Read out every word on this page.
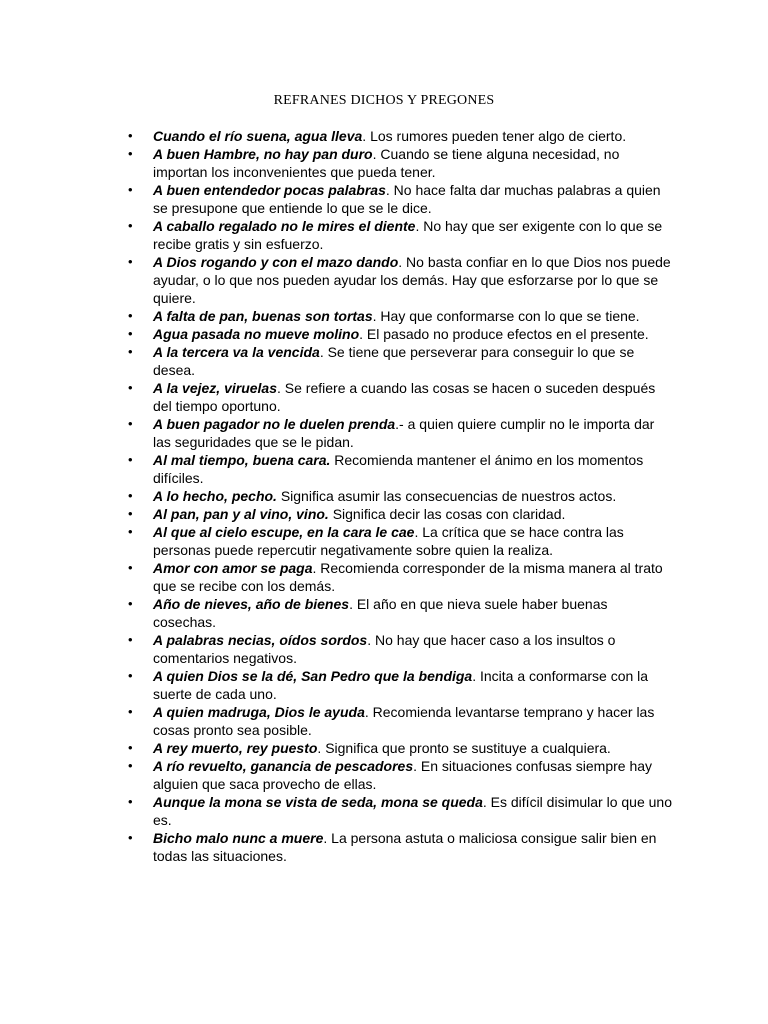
REFRANES DICHOS Y PREGONES
•	Cuando el río suena, agua lleva. Los rumores pueden tener algo de cierto.
•	A buen Hambre, no hay pan duro. Cuando se tiene alguna necesidad, no importan los inconvenientes que pueda tener.
•	A buen entendedor pocas palabras. No hace falta dar muchas palabras a quien se presupone que entiende lo que se le dice.
•	A caballo regalado no le mires el diente. No hay que ser exigente con lo que se recibe gratis y sin esfuerzo.
•	A Dios rogando y con el mazo dando. No basta confiar en lo que Dios nos puede ayudar, o lo que nos pueden ayudar los demás. Hay que esforzarse por lo que se quiere.
•	A falta de pan, buenas son tortas. Hay que conformarse con lo que se tiene.
•	Agua pasada no mueve molino. El pasado no produce efectos en el presente.
•	A la tercera va la vencida. Se tiene que perseverar para conseguir lo que se desea.
•	A la vejez, viruelas. Se refiere a cuando las cosas se hacen o suceden después del tiempo oportuno.
•	A buen pagador no le duelen prenda.- a quien quiere cumplir no le importa dar las seguridades que se le pidan.
•	Al mal tiempo, buena cara. Recomienda mantener el ánimo en los momentos difíciles.
•	A lo hecho, pecho. Significa asumir las consecuencias de nuestros actos.
•	Al pan, pan y al vino, vino. Significa decir las cosas con claridad.
•	Al que al cielo escupe, en la cara le cae. La crítica que se hace contra las personas puede repercutir negativamente sobre quien la realiza.
•	Amor con amor se paga. Recomienda corresponder de la misma manera al trato que se recibe con los demás.
•	Año de nieves, año de bienes. El año en que nieva suele haber buenas cosechas.
•	A palabras necias, oídos sordos. No hay que hacer caso a los insultos o comentarios negativos.
•	A quien Dios se la dé, San Pedro que la bendiga. Incita a conformarse con la suerte de cada uno.
•	A quien madruga, Dios le ayuda. Recomienda levantarse temprano y hacer las cosas pronto sea posible.
•	A rey muerto, rey puesto. Significa que pronto se sustituye a cualquiera.
•	A río revuelto, ganancia de pescadores. En situaciones confusas siempre hay alguien que saca provecho de ellas.
•	Aunque la mona se vista de seda, mona se queda. Es difícil disimular lo que uno es.
•	Bicho malo nunc a muere. La persona astuta o maliciosa consigue salir bien en todas las situaciones.
